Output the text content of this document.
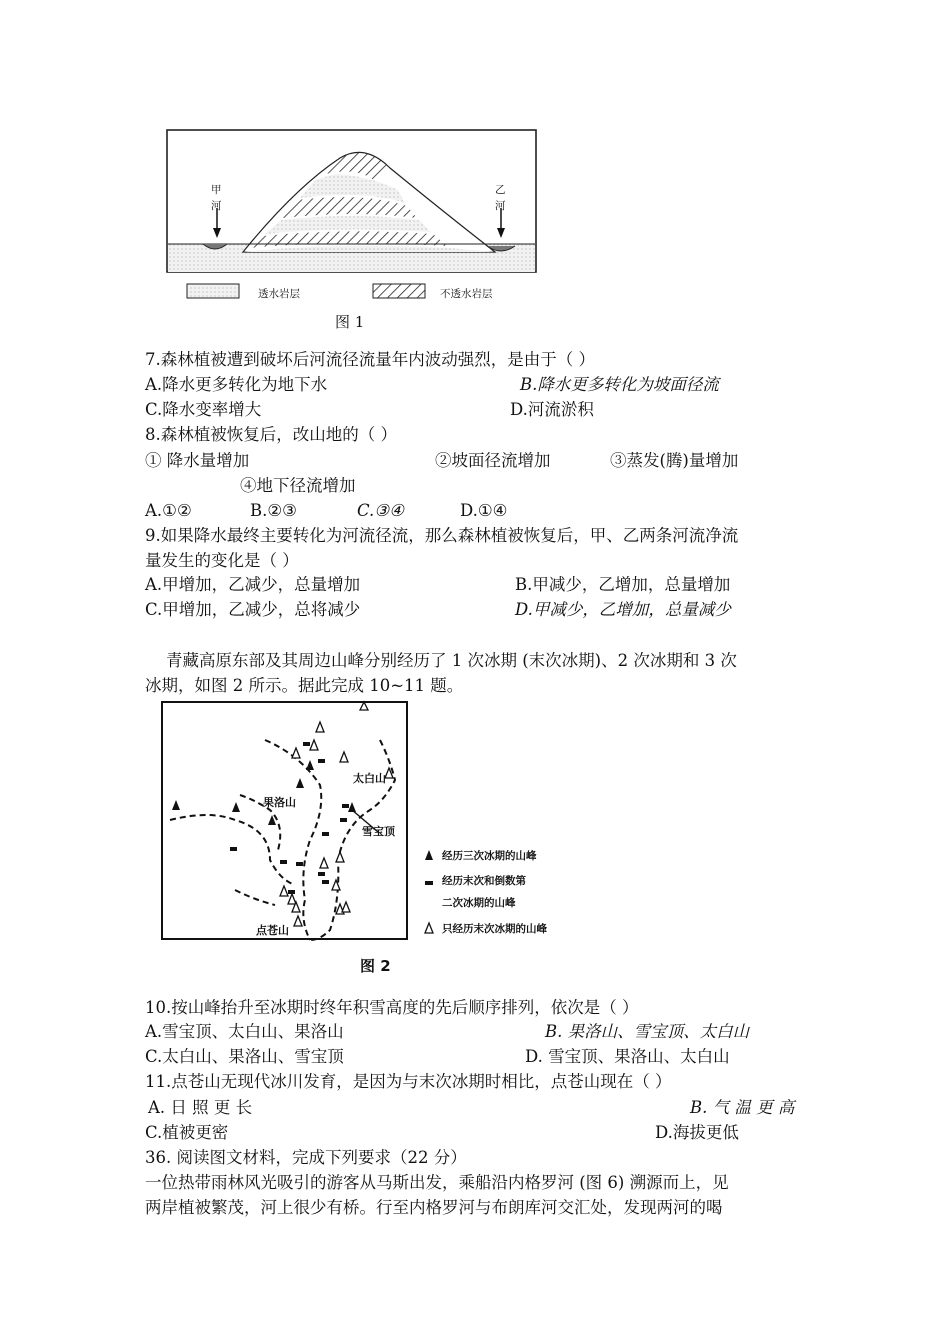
甲
河
乙
河
透水岩层	不透水岩层
图 1
7.森林植被遭到破坏后河流径流量年内波动强烈，是由于（ ）
A.降水更多转化为地下水	B.降水更多转化为坡面径流
C.降水变率增大	D.河流淤积
8.森林植被恢复后，改山地的（ ）
① 降水量增加	②坡面径流增加	③蒸发(腾)量增加
④地下径流增加
A.①②	B.②③	C.③④	D.①④
9.如果降水最终主要转化为河流径流，那么森林植被恢复后，甲、乙两条河流净流
量发生的变化是（ ）
A.甲增加，乙减少，总量增加	B.甲减少，乙增加，总量增加
C.甲增加，乙减少，总将减少	D.甲减少，乙增加，总量减少
青藏高原东部及其周边山峰分别经历了 1 次冰期 (末次冰期)、2 次冰期和 3 次
冰期，如图 2 所示。据此完成 10~11 题。
太白山
果洛山
雪宝顶
点苍山
经历三次冰期的山峰
经历末次和倒数第
二次冰期的山峰
只经历末次冰期的山峰
图 2
10.按山峰抬升至冰期时终年积雪高度的先后顺序排列，依次是（ ）
A.雪宝顶、太白山、果洛山	B. 果洛山、雪宝顶、太白山
C.太白山、果洛山、雪宝顶	D. 雪宝顶、果洛山、太白山
11.点苍山无现代冰川发育，是因为与末次冰期时相比，点苍山现在（ ）
A. 日 照 更 长	B. 气 温 更 高
C.植被更密	D.海拔更低
36. 阅读图文材料，完成下列要求（22 分）
一位热带雨林风光吸引的游客从马斯出发，乘船沿内格罗河 (图 6) 溯源而上，见
两岸植被繁茂，河上很少有桥。行至内格罗河与布朗库河交汇处，发现两河的喝
